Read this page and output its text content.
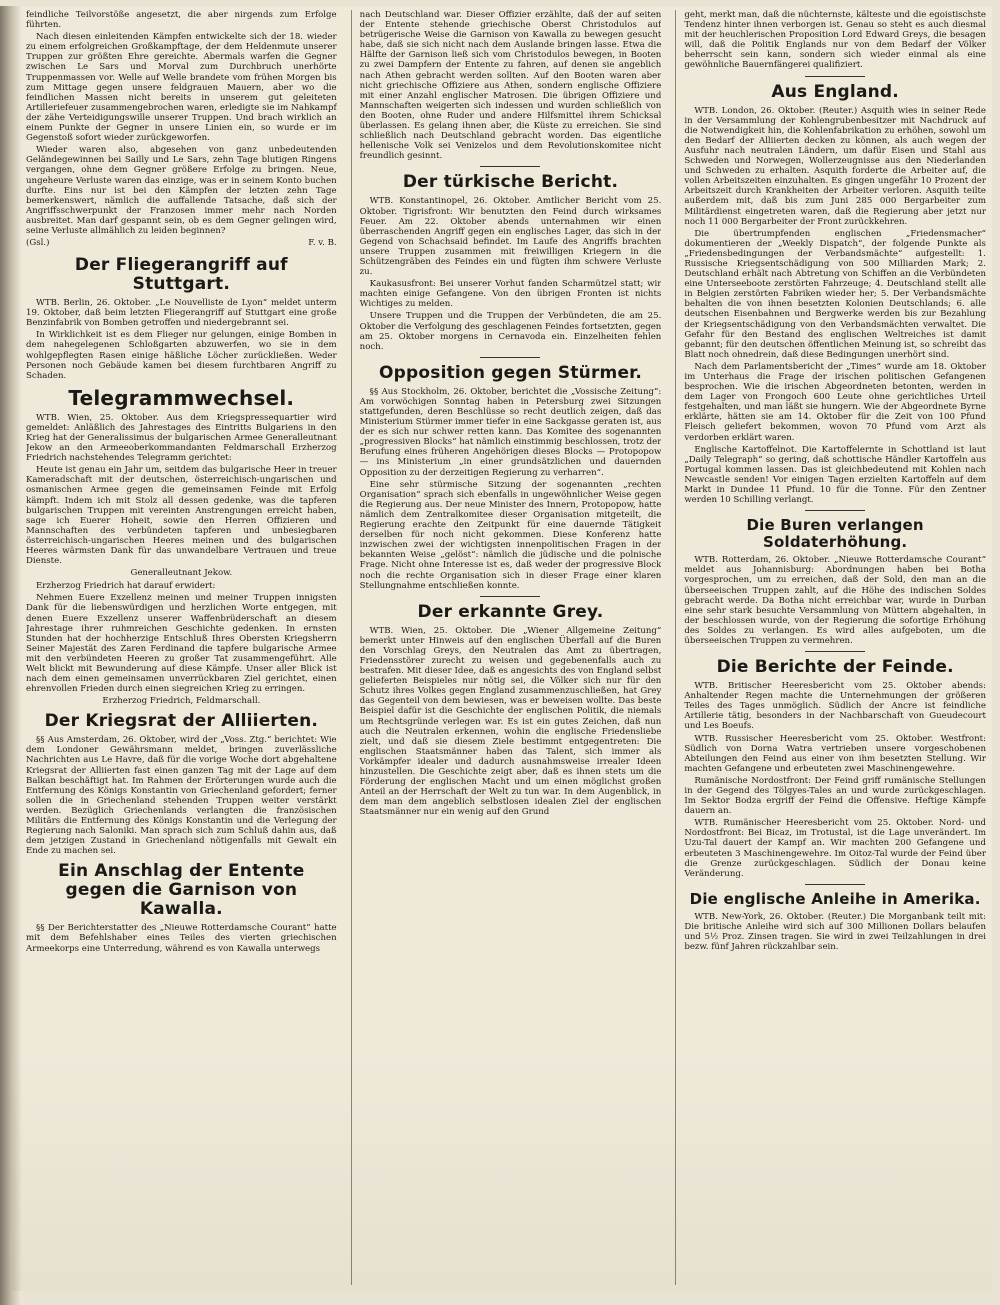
feindliche Teilvorstöße angesetzt, die aber nirgends zum Erfolge führten.

Nach diesen einleitenden Kämpfen entwickelte sich der 18. wieder zu einem erfolgreichen Großkampftage, der dem Heldenmute unserer Truppen zur größten Ehre gereichte. Abermals warfen die Gegner zwischen Le Sars und Morval zum Durchbruch unerhörte Truppenmassen vor. Welle auf Welle brandete vom frühen Morgen bis zum Mittage gegen unsere feldgrauen Mauern, aber wo die feindlichen Massen nicht bereits in unserem gut geleiteten Artilleriefeuer zusammengebrochen waren, erledigte sie im Nahkampf der zähe Verteidigungswille unserer Truppen. Und brach wirklich an einem Punkte der Gegner in unsere Linien ein, so wurde er im Gegenstoß sofort wieder zurückgeworfen.

Wieder waren also, abgesehen von ganz unbedeutenden Geländegewinnen bei Sailly und Le Sars, zehn Tage blutigen Ringens vergangen, ohne dem Gegner größere Erfolge zu bringen. Neue, ungeheure Verluste waren das einzige, was er in seinem Konto buchen durfte. Eins nur ist bei den Kämpfen der letzten zehn Tage bemerkenswert, nämlich die auffallende Tatsache, daß sich der Angriffsschwerpunkt der Franzosen immer mehr nach Norden ausbreitet. Man darf gespannt sein, ob es dem Gegner gelingen wird, seine Verluste allmählich zu leiden beginnen?

(Gsl.)	F. v. B.
Der Fliegerangriff auf Stuttgart.

WTB. Berlin, 26. Oktober. „Le Nouvelliste de Lyon“ meldet unterm 19. Oktober, daß beim letzten Fliegerangriff auf Stuttgart eine große Benzinfabrik von Bomben getroffen und niedergebrannt sei.

In Wirklichkeit ist es dem Flieger nur gelungen, einige Bomben in dem nahegelegenen Schloßgarten abzuwerfen, wo sie in dem wohlgepflegten Rasen einige häßliche Löcher zurückließen. Weder Personen noch Gebäude kamen bei diesem furchtbaren Angriff zu Schaden.

Telegrammwechsel.

WTB. Wien, 25. Oktober. Aus dem Kriegspressequartier wird gemeldet: Anläßlich des Jahrestages des Eintritts Bulgariens in den Krieg hat der Generalissimus der bulgarischen Armee Generalleutnant Jekow an den Armeeoberkommandanten Feldmarschall Erzherzog Friedrich nachstehendes Telegramm gerichtet:

Heute ist genau ein Jahr um, seitdem das bulgarische Heer in treuer Kameradschaft mit der deutschen, österreichisch-ungarischen und osmanischen Armee gegen die gemeinsamen Feinde mit Erfolg kämpft. Indem ich mit Stolz all dessen gedenke, was die tapferen bulgarischen Truppen mit vereinten Anstrengungen erreicht haben, sage ich Euerer Hoheit, sowie den Herren Offizieren und Mannschaften des verbündeten tapferen und unbesiegbaren österreichisch-ungarischen Heeres meinen und des bulgarischen Heeres wärmsten Dank für das unwandelbare Vertrauen und treue Dienste.

Generalleutnant Jekow.

Erzherzog Friedrich hat darauf erwidert:

Nehmen Euere Exzellenz meinen und meiner Truppen innigsten Dank für die liebenswürdigen und herzlichen Worte entgegen, mit denen Euere Exzellenz unserer Waffenbrüderschaft an diesem Jahrestage ihrer ruhmreichen Geschichte gedenken. In ernsten Stunden hat der hochherzige Entschluß Ihres Obersten Kriegsherrn Seiner Majestät des Zaren Ferdinand die tapfere bulgarische Armee mit den verbündeten Heeren zu großer Tat zusammengeführt. Alle Welt blickt mit Bewunderung auf diese Kämpfe. Unser aller Blick ist nach dem einen gemeinsamen unverrückbaren Ziel gerichtet, einen ehrenvollen Frieden durch einen siegreichen Krieg zu erringen.

Erzherzog Friedrich, Feldmarschall.
Der Kriegsrat der Alliierten.

§§ Aus Amsterdam, 26. Oktober, wird der „Voss. Ztg.“ berichtet: Wie dem Londoner Gewährsmann meldet, bringen zuverlässliche Nachrichten aus Le Havre, daß für die vorige Woche dort abgehaltene Kriegsrat der Alliierten fast einen ganzen Tag mit der Lage auf dem Balkan beschäftigt hat. Im Rahmen der Erörterungen wurde auch die Entfernung des Königs Konstantin von Griechenland gefordert; ferner sollen die in Griechenland stehenden Truppen weiter verstärkt werden. Bezüglich Griechenlands verlangten die französischen Militärs die Entfernung des Königs Konstantin und die Verlegung der Regierung nach Saloniki. Man sprach sich zum Schluß dahin aus, daß dem jetzigen Zustand in Griechenland nötigenfalls mit Gewalt ein Ende zu machen sei.

Ein Anschlag der Entente gegen die Garnison von Kawalla.

§§ Der Berichterstatter des „Nieuwe Rotterdamsche Courant“ hatte mit dem Befehlshaber eines Teiles des vierten griechischen Armeekorps eine Unterredung, während es von Kawalla unterwegs

nach Deutschland war. Dieser Offizier erzählte, daß der auf seiten der Entente stehende griechische Oberst Christodulos auf betrügerische Weise die Garnison von Kawalla zu bewegen gesucht habe, daß sie sich nicht nach dem Auslande bringen lasse. Etwa die Hälfte der Garnison ließ sich vom Christodulos bewegen, in Booten zu zwei Dampfern der Entente zu fahren, auf denen sie angeblich nach Athen gebracht werden sollten. Auf den Booten waren aber nicht griechische Offiziere aus Athen, sondern englische Offiziere mit einer Anzahl englischer Matrosen. Die übrigen Offiziere und Mannschaften weigerten sich indessen und wurden schließlich von den Booten, ohne Ruder und andere Hilfsmittel ihrem Schicksal überlassen. Es gelang ihnen aber, die Küste zu erreichen. Sie sind schließlich nach Deutschland gebracht worden. Das eigentliche hellenische Volk sei Venizelos und dem Revolutionskomitee nicht freundlich gesinnt.

Der türkische Bericht.

WTB. Konstantinopel, 26. Oktober. Amtlicher Bericht vom 25. Oktober. Tigrisfront: Wir benutzten den Feind durch wirksames Feuer. Am 22. Oktober abends unternahmen wir einen überraschenden Angriff gegen ein englisches Lager, das sich in der Gegend von Schachsaid befindet. Im Laufe des Angriffs brachten unsere Truppen zusammen mit freiwilligen Kriegern in die Schützengräben des Feindes ein und fügten ihm schwere Verluste zu.

Kaukasusfront: Bei unserer Vorhut fanden Scharmützel statt; wir machten einige Gefangene. Von den übrigen Fronten ist nichts Wichtiges zu melden.

Unsere Truppen und die Truppen der Verbündeten, die am 25. Oktober die Verfolgung des geschlagenen Feindes fortsetzten, gegen am 25. Oktober morgens in Cernavoda ein. Einzelheiten fehlen noch.

Opposition gegen Stürmer.

§§ Aus Stockholm, 26. Oktober, berichtet die „Vossische Zeitung“: Am vorwöchigen Sonntag haben in Petersburg zwei Sitzungen stattgefunden, deren Beschlüsse so recht deutlich zeigen, daß das Ministerium Stürmer immer tiefer in eine Sackgasse geraten ist, aus der es sich nur schwer retten kann. Das Komitee des sogenannten „progressiven Blocks“ hat nämlich einstimmig beschlossen, trotz der Berufung eines früheren Angehörigen dieses Blocks — Protopopow — ins Ministerium „in einer grundsätzlichen und dauernden Opposition zu der derzeitigen Regierung zu verharren“.

Eine sehr stürmische Sitzung der sogenannten „rechten Organisation“ sprach sich ebenfalls in ungewöhnlicher Weise gegen die Regierung aus. Der neue Minister des Innern, Protopopow, hatte nämlich dem Zentralkomitee dieser Organisation mitgeteilt, die Regierung erachte den Zeitpunkt für eine dauernde Tätigkeit derselben für noch nicht gekommen. Diese Konferenz hatte inzwischen zwei der wichtigsten innenpolitischen Fragen in der bekannten Weise „gelöst“: nämlich die jüdische und die polnische Frage. Nicht ohne Interesse ist es, daß weder der progressive Block noch die rechte Organisation sich in dieser Frage einer klaren Stellungnahme entschließen konnte.

Der erkannte Grey.

WTB. Wien, 25. Oktober. Die „Wiener Allgemeine Zeitung“ bemerkt unter Hinweis auf den englischen Überfall auf die Buren den Vorschlag Greys, den Neutralen das Amt zu übertragen, Friedensstörer zurecht zu weisen und gegebenenfalls auch zu bestrafen. Mit dieser Idee, daß es angesichts des von England selbst gelieferten Beispieles nur nötig sei, die Völker sich nur für den Schutz ihres Volkes gegen England zusammenzuschließen, hat Grey das Gegenteil von dem bewiesen, was er beweisen wollte. Das beste Beispiel dafür ist die Geschichte der englischen Politik, die niemals um Rechtsgründe verlegen war. Es ist ein gutes Zeichen, daß nun auch die Neutralen erkennen, wohin die englische Friedensliebe zielt, und daß sie diesem Ziele bestimmt entgegentreten: Die englischen Staatsmänner haben das Talent, sich immer als Vorkämpfer idealer und dadurch ausnahmsweise irrealer Ideen hinzustellen. Die Geschichte zeigt aber, daß es ihnen stets um die Förderung der englischen Macht und um einen möglichst großen Anteil an der Herrschaft der Welt zu tun war. In dem Augenblick, in dem man dem angeblich selbstlosen idealen Ziel der englischen Staatsmänner nur ein wenig auf den Grund

geht, merkt man, daß die nüchternste, kälteste und die egoistischste Tendenz hinter ihnen verborgen ist. Genau so steht es auch diesmal mit der heuchlerischen Proposition Lord Edward Greys, die besagen will, daß die Politik Englands nur von dem Bedarf der Völker beherrscht sein kann, sondern sich wieder einmal als eine gewöhnliche Bauernfängerei qualifiziert.

Aus England.

WTB. London, 26. Oktober. (Reuter.) Asquith wies in seiner Rede in der Versammlung der Kohlengrubenbesitzer mit Nachdruck auf die Notwendigkeit hin, die Kohlenfabrikation zu erhöhen, sowohl um den Bedarf der Alliierten decken zu können, als auch wegen der Ausfuhr nach neutralen Ländern, um dafür Eisen und Stahl aus Schweden und Norwegen, Wollerzeugnisse aus den Niederlanden und Schweden zu erhalten. Asquith forderte die Arbeiter auf, die vollen Arbeitszeiten einzuhalten. Es gingen ungefähr 10 Prozent der Arbeitszeit durch Krankheiten der Arbeiter verloren. Asquith teilte außerdem mit, daß bis zum Juni 285 000 Bergarbeiter zum Militärdienst eingetreten waren, daß die Regierung aber jetzt nur noch 11 000 Bergarbeiter der Front zurückkehren.

Die übertrumpfenden englischen „Friedensmacher“ dokumentieren der „Weekly Dispatch“, der folgende Punkte als „Friedensbedingungen der Verbandsmächte“ aufgestellt: 1. Russische Kriegsentschädigung von 500 Milliarden Mark; 2. Deutschland erhält nach Abtretung von Schiffen an die Verbündeten eine Unterseeboote zerstörten Fahrzeuge; 4. Deutschland stellt alle in Belgien zerstörten Fabriken wieder her; 5. Der Verbandsmächte behalten die von ihnen besetzten Kolonien Deutschlands; 6. alle deutschen Eisenbahnen und Bergwerke werden bis zur Bezahlung der Kriegsentschädigung von den Verbandsmächten verwaltet. Die Gefahr für den Bestand des englischen Weltreiches ist damit gebannt; für den deutschen öffentlichen Meinung ist, so schreibt das Blatt noch ohnedrein, daß diese Bedingungen unerhört sind.

Nach dem Parlamentsbericht der „Times“ wurde am 18. Oktober im Unterhaus die Frage der irischen politischen Gefangenen besprochen. Wie die irischen Abgeordneten betonten, werden in dem Lager von Frongoch 600 Leute ohne gerichtliches Urteil festgehalten, und man läßt sie hungern. Wie der Abgeordnete Byrne erklärte, hätten sie am 14. Oktober für die Zeit von 100 Pfund Fleisch geliefert bekommen, wovon 70 Pfund vom Arzt als verdorben erklärt waren.

Englische Kartoffelnot. Die Kartoffelernte in Schottland ist laut „Daily Telegraph“ so gering, daß schottische Händler Kartoffeln aus Portugal kommen lassen. Das ist gleichbedeutend mit Kohlen nach Newcastle senden! Vor einigen Tagen erzielten Kartoffeln auf dem Markt in Dundee 11 Pfund. 10 für die Tonne. Für den Zentner werden 10 Schilling verlangt.

Die Buren verlangen Soldaterhöhung.

WTB. Rotterdam, 26. Oktober. „Nieuwe Rotterdamsche Courant“ meldet aus Johannisburg: Abordnungen haben bei Botha vorgesprochen, um zu erreichen, daß der Sold, den man an die überseeischen Truppen zahlt, auf die Höhe des indischen Soldes gebracht werde. Da Botha nicht erreichbar war, wurde in Durban eine sehr stark besuchte Versammlung von Müttern abgehalten, in der beschlossen wurde, von der Regierung die sofortige Erhöhung des Soldes zu verlangen. Es wird alles aufgeboten, um die überseeischen Truppen zu vermehren.

Die Berichte der Feinde.

WTB. Britischer Heeresbericht vom 25. Oktober abends: Anhaltender Regen machte die Unternehmungen der größeren Teiles des Tages unmöglich. Südlich der Ancre ist feindliche Artillerie tätig, besonders in der Nachbarschaft von Gueudecourt und Les Boeufs.

WTB. Russischer Heeresbericht vom 25. Oktober. Westfront: Südlich von Dorna Watra vertrieben unsere vorgeschobenen Abteilungen den Feind aus einer von ihm besetzten Stellung. Wir machten Gefangene und erbeuteten zwei Maschinengewehre.

Rumänische Nordostfront: Der Feind griff rumänische Stellungen in der Gegend des Tölgyes-Tales an und wurde zurückgeschlagen. Im Sektor Bodza ergriff der Feind die Offensive. Heftige Kämpfe dauern an.

WTB. Rumänischer Heeresbericht vom 25. Oktober. Nord- und Nordostfront: Bei Bicaz, im Trotustal, ist die Lage unverändert. Im Uzu-Tal dauert der Kampf an. Wir machten 200 Gefangene und erbeuteten 3 Maschinengewehre. Im Oitoz-Tal wurde der Feind über die Grenze zurückgeschlagen. Südlich der Donau keine Veränderung.

Die englische Anleihe in Amerika.

WTB. New-York, 26. Oktober. (Reuter.) Die Morganbank teilt mit: Die britische Anleihe wird sich auf 300 Millionen Dollars belaufen und 5½ Proz. Zinsen tragen. Sie wird in zwei Teilzahlungen in drei bezw. fünf Jahren rückzahlbar sein.
